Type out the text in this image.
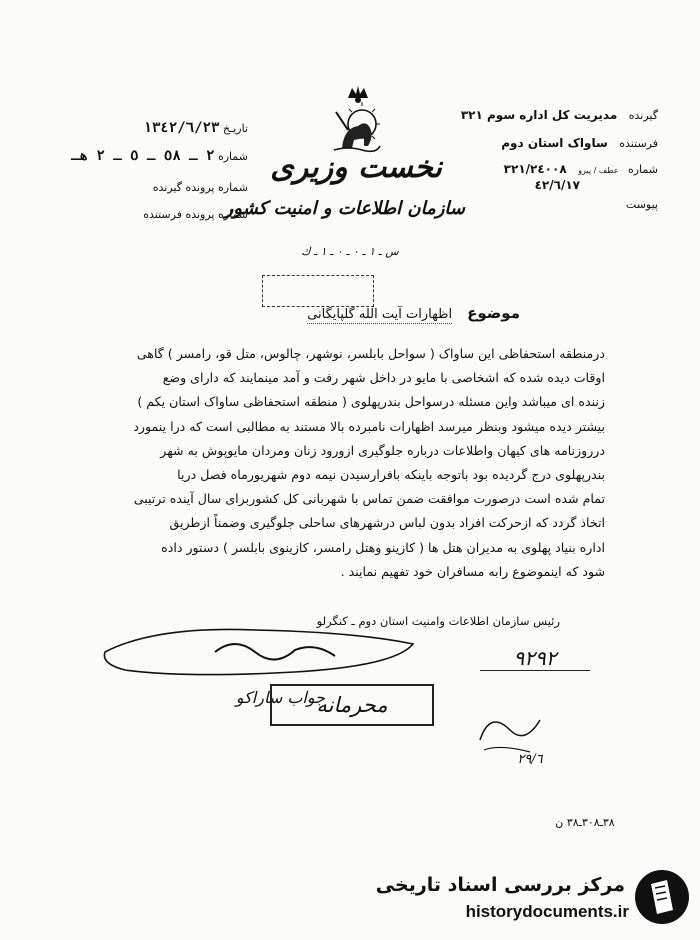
تاریـخ ١٣٤٢/٦/٢٣
شماره ٢ ـ ٥٨ ـ ٥ ـ ٢ هـ
شماره پرونده گیرنده
شماره پرونده فرستنده
نخست وزیری
سازمان اطلاعات و امنیت کشور
س ـ ١ ـ ٠ ـ ٠ ـ ١ ـ ك
گیرنده مدیریت کل اداره سوم ٣٢١
فرستنده ساواک استان دوم
شماره عطف / پیرو ٣٢١/٢٤٠٠٨
٤٢/٦/١٧
پیوست
موضوع اظهارات آیت الله گلپایگانی

درمنطقه استحفاظی این ساواک ( سواحل بابلسر، نوشهر، چالوس، متل قو، رامسر ) گاهی

اوقات دیده شده که اشخاصی با مایو در داخل شهر رفت و آمد مینمایند که دارای وضع

زننده ای میباشد واین مسئله درسواحل بندرپهلوی ( منطقه استحفاظی ساواک استان یکم )

بیشتر دیده میشود وبنظر میرسد اظهارات نامبرده بالا مستند به مطالبی است که درا ینمورد

درروزنامه های کیهان واطلاعات درباره جلوگیری ازورود زنان ومردان مایوپوش به شهر

بندرپهلوی درج گردیده بود باتوجه باینکه بافرارسیدن نیمه دوم شهریورماه فصل دریا

تمام شده است درصورت موافقت ضمن تماس با شهربانی کل کشوربرای سال آینده ترتیبی

اتخاذ گردد که ازحرکت افراد بدون لباس درشهرهای ساحلی جلوگیری وضمناً ازطریق

اداره بنیاد پهلوی به مدیران هتل ها ( کازینو وهتل رامسر، کازینوی بابلسر ) دستور داده

شود که اینموضوع رابه مسافران خود تفهیم نمایند .

رئیس سازمان اطلاعات وامنیت استان دوم ـ کنگرلو
٩٢٩٢
جواب ساراکو
محرمانه
٢٩/٦
٣٨ـ٣٠٨ـ٣٨ ن
مرکز بررسی اسناد تاریخی
historydocuments.ir
